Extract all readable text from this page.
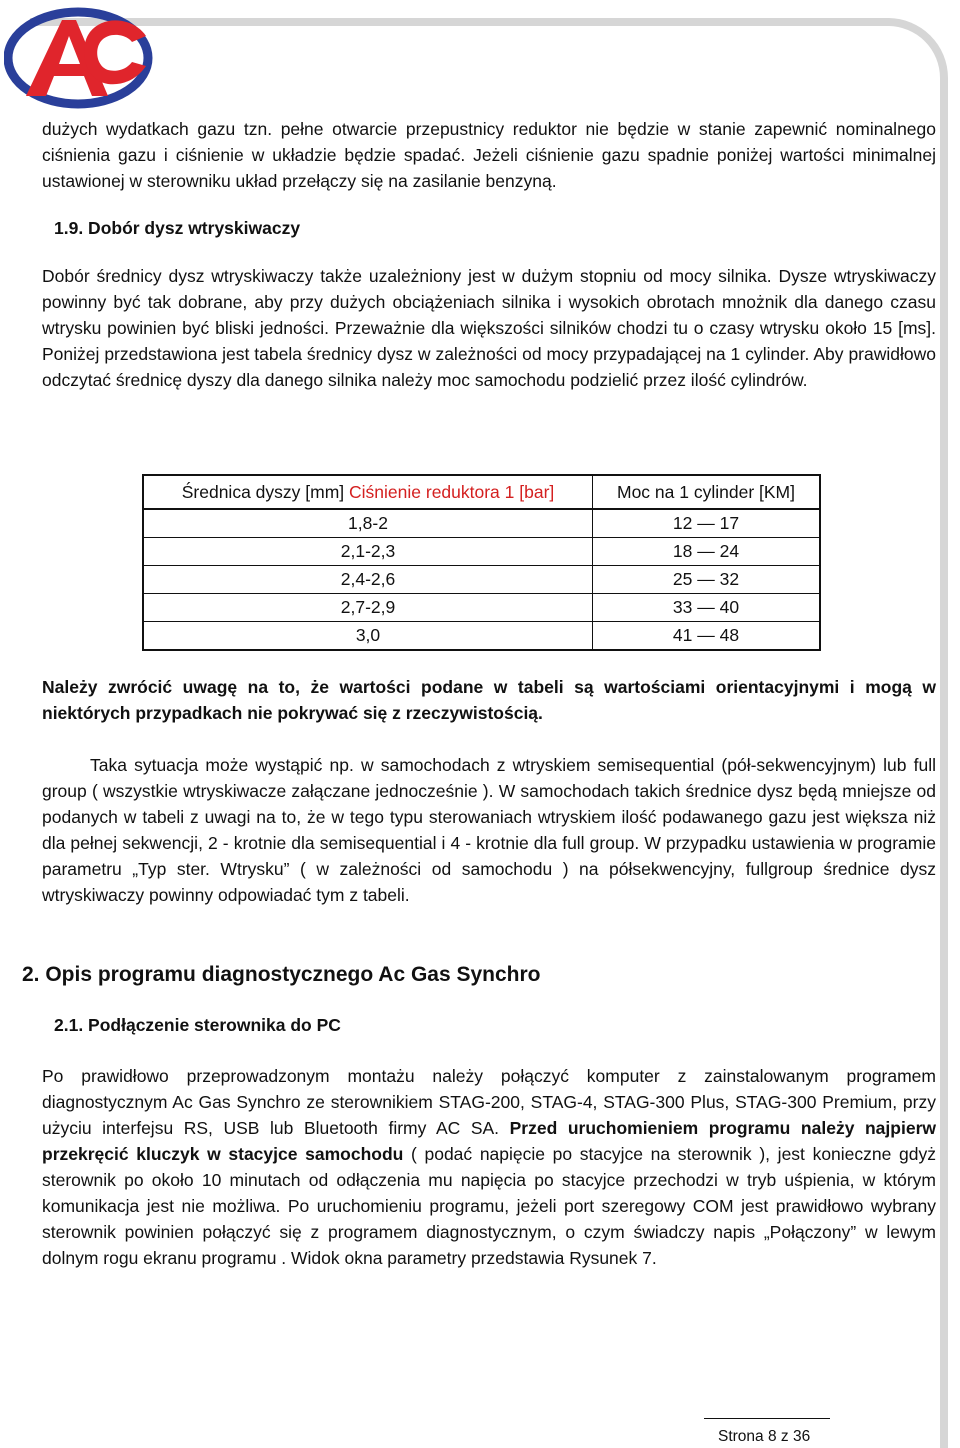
dużych wydatkach gazu tzn. pełne otwarcie przepustnicy reduktor nie będzie w stanie zapewnić nominalnego ciśnienia gazu i ciśnienie w układzie będzie spadać. Jeżeli ciśnienie gazu spadnie poniżej wartości minimalnej ustawionej w sterowniku układ przełączy się na zasilanie benzyną.

1.9. Dobór dysz wtryskiwaczy

Dobór średnicy dysz wtryskiwaczy także uzależniony jest w dużym stopniu od mocy silnika. Dysze wtryskiwaczy powinny być tak dobrane, aby przy dużych obciążeniach silnika i wysokich obrotach mnożnik dla danego czasu wtrysku powinien być bliski jedności. Przeważnie dla większości silników chodzi tu o czasy wtrysku około 15 [ms]. Poniżej przedstawiona jest tabela średnicy dysz w zależności od mocy przypadającej na 1 cylinder. Aby prawidłowo odczytać średnicę dyszy dla danego silnika należy moc samochodu podzielić przez ilość cylindrów.

Średnica dyszy [mm] Ciśnienie reduktora 1 [bar]	Moc na 1 cylinder [KM]
1,8-2	12 — 17
2,1-2,3	18 — 24
2,4-2,6	25 — 32
2,7-2,9	33 — 40
3,0	41 — 48

Należy zwrócić uwagę na to, że wartości podane w tabeli są wartościami orientacyjnymi i mogą w niektórych przypadkach nie pokrywać się z rzeczywistością.

Taka sytuacja może wystąpić np. w samochodach z wtryskiem semisequential (pół-sekwencyjnym) lub full group ( wszystkie wtryskiwacze załączane jednocześnie ). W samochodach takich średnice dysz będą mniejsze od podanych w tabeli z uwagi na to, że w tego typu sterowaniach wtryskiem ilość podawanego gazu jest większa niż dla pełnej sekwencji, 2 - krotnie dla semisequential i 4 - krotnie dla full group. W przypadku ustawienia w programie parametru „Typ ster. Wtrysku” ( w zależności od samochodu ) na półsekwencyjny, fullgroup średnice dysz wtryskiwaczy powinny odpowiadać tym z tabeli.

2. Opis programu diagnostycznego Ac Gas Synchro
2.1. Podłączenie sterownika do PC

Po prawidłowo przeprowadzonym montażu należy połączyć komputer z zainstalowanym programem diagnostycznym Ac Gas Synchro ze sterownikiem STAG-200, STAG-4, STAG-300 Plus, STAG-300 Premium, przy użyciu interfejsu RS, USB lub Bluetooth firmy AC SA. Przed uruchomieniem programu należy najpierw przekręcić kluczyk w stacyjce samochodu ( podać napięcie po stacyjce na sterownik ), jest konieczne gdyż sterownik po około 10 minutach od odłączenia mu napięcia po stacyjce przechodzi w tryb uśpienia, w którym komunikacja jest nie możliwa. Po uruchomieniu programu, jeżeli port szeregowy COM jest prawidłowo wybrany sterownik powinien połączyć się z programem diagnostycznym, o czym świadczy napis „Połączony” w lewym dolnym rogu ekranu programu . Widok okna parametry przedstawia Rysunek 7.

Strona 8 z 36
